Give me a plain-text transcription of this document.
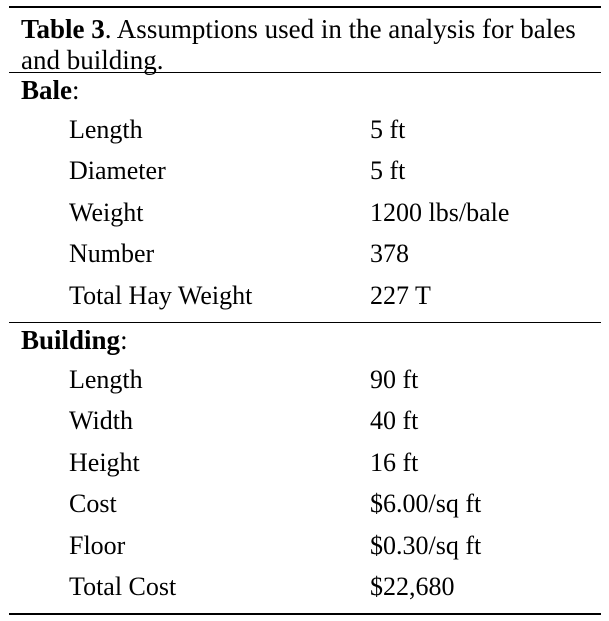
Table 3. Assumptions used in the analysis for bales and building.
Bale:
Length	5 ft
Diameter	5 ft
Weight	1200 lbs/bale
Number	378
Total Hay Weight	227 T
Building:
Length	90 ft
Width	40 ft
Height	16 ft
Cost	$6.00/sq ft
Floor	$0.30/sq ft
Total Cost	$22,680
